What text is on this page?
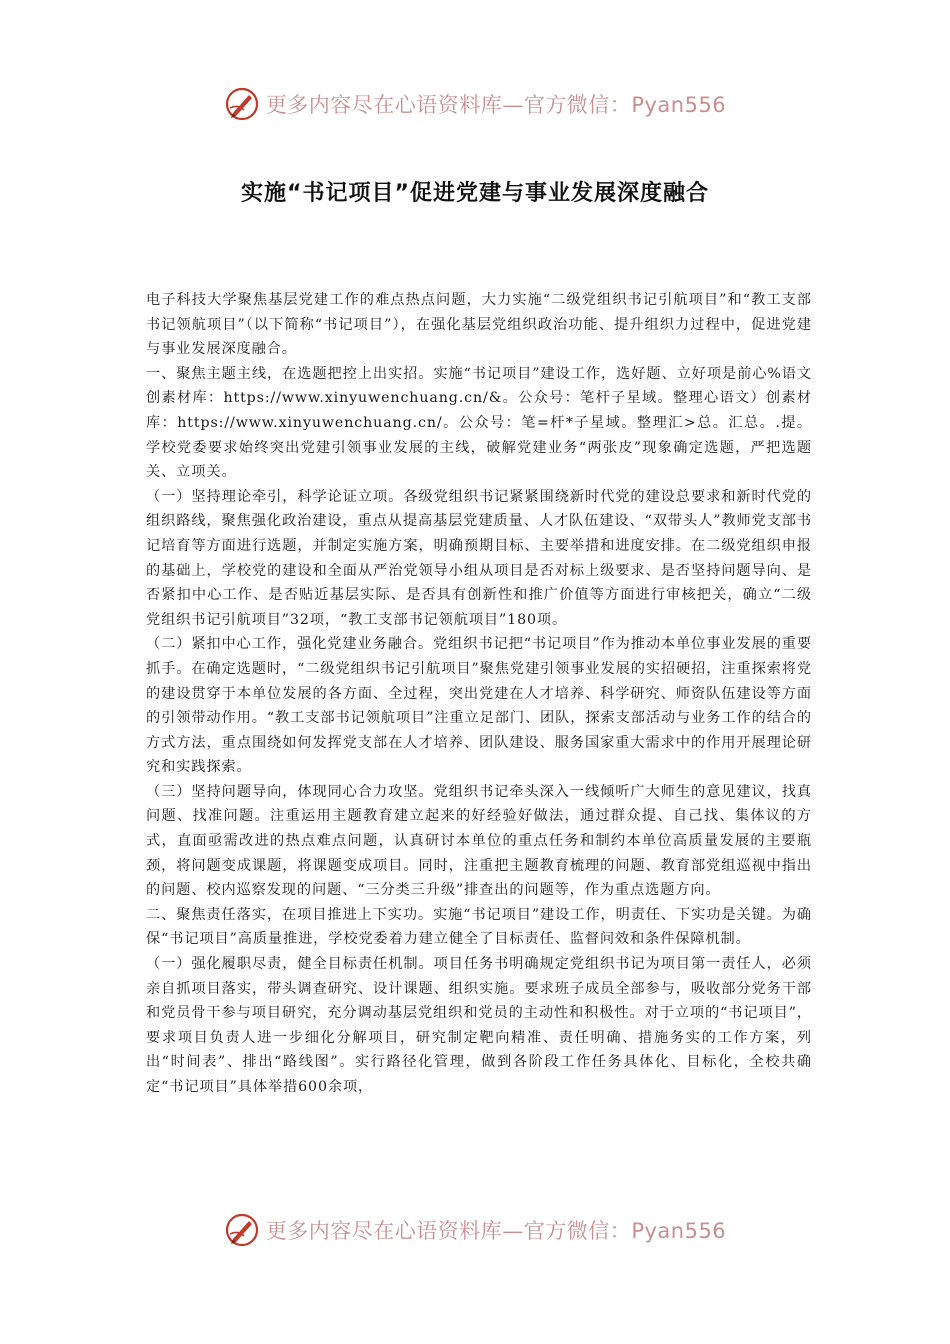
更多内容尽在心语资料库—官方微信：Pyan556
实施“书记项目”促进党建与事业发展深度融合

电子科技大学聚焦基层党建工作的难点热点问题，大力实施“二级党组织书记引航项目”和“教工支部书记领航项目”（以下简称“书记项目”），在强化基层党组织政治功能、提升组织力过程中，促进党建与事业发展深度融合。

一、聚焦主题主线，在选题把控上出实招。实施“书记项目”建设工作，选好题、立好项是前心%语文创素材库：https://www.xinyuwenchuang.cn/&。公众号：笔杆子星域。整理心语文）创素材库：https://www.xinyuwenchuang.cn/。公众号：笔=杆*子星域。整理汇>总。汇总。.提。学校党委要求始终突出党建引领事业发展的主线，破解党建业务“两张皮”现象确定选题，严把选题关、立项关。

（一）坚持理论牵引，科学论证立项。各级党组织书记紧紧围绕新时代党的建设总要求和新时代党的组织路线，聚焦强化政治建设，重点从提高基层党建质量、人才队伍建设、“双带头人”教师党支部书记培育等方面进行选题，并制定实施方案，明确预期目标、主要举措和进度安排。在二级党组织申报的基础上，学校党的建设和全面从严治党领导小组从项目是否对标上级要求、是否坚持问题导向、是否紧扣中心工作、是否贴近基层实际、是否具有创新性和推广价值等方面进行审核把关，确立“二级党组织书记引航项目”32项，“教工支部书记领航项目”180项。

（二）紧扣中心工作，强化党建业务融合。党组织书记把“书记项目”作为推动本单位事业发展的重要抓手。在确定选题时，“二级党组织书记引航项目”聚焦党建引领事业发展的实招硬招，注重探索将党的建设贯穿于本单位发展的各方面、全过程，突出党建在人才培养、科学研究、师资队伍建设等方面的引领带动作用。“教工支部书记领航项目”注重立足部门、团队，探索支部活动与业务工作的结合的方式方法，重点围绕如何发挥党支部在人才培养、团队建设、服务国家重大需求中的作用开展理论研究和实践探索。

（三）坚持问题导向，体现同心合力攻坚。党组织书记牵头深入一线倾听广大师生的意见建议，找真问题、找准问题。注重运用主题教育建立起来的好经验好做法，通过群众提、自己找、集体议的方式，直面亟需改进的热点难点问题，认真研讨本单位的重点任务和制约本单位高质量发展的主要瓶颈，将问题变成课题，将课题变成项目。同时，注重把主题教育梳理的问题、教育部党组巡视中指出的问题、校内巡察发现的问题、“三分类三升级”排查出的问题等，作为重点选题方向。

二、聚焦责任落实，在项目推进上下实功。实施“书记项目”建设工作，明责任、下实功是关键。为确保“书记项目”高质量推进，学校党委着力建立健全了目标责任、监督问效和条件保障机制。

（一）强化履职尽责，健全目标责任机制。项目任务书明确规定党组织书记为项目第一责任人，必须亲自抓项目落实，带头调查研究、设计课题、组织实施。要求班子成员全部参与，吸收部分党务干部和党员骨干参与项目研究，充分调动基层党组织和党员的主动性和积极性。对于立项的“书记项目”，要求项目负责人进一步细化分解项目，研究制定靶向精准、责任明确、措施务实的工作方案，列出“时间表”、排出“路线图”。实行路径化管理，做到各阶段工作任务具体化、目标化，全校共确定“书记项目”具体举措600余项，

更多内容尽在心语资料库—官方微信：Pyan556
